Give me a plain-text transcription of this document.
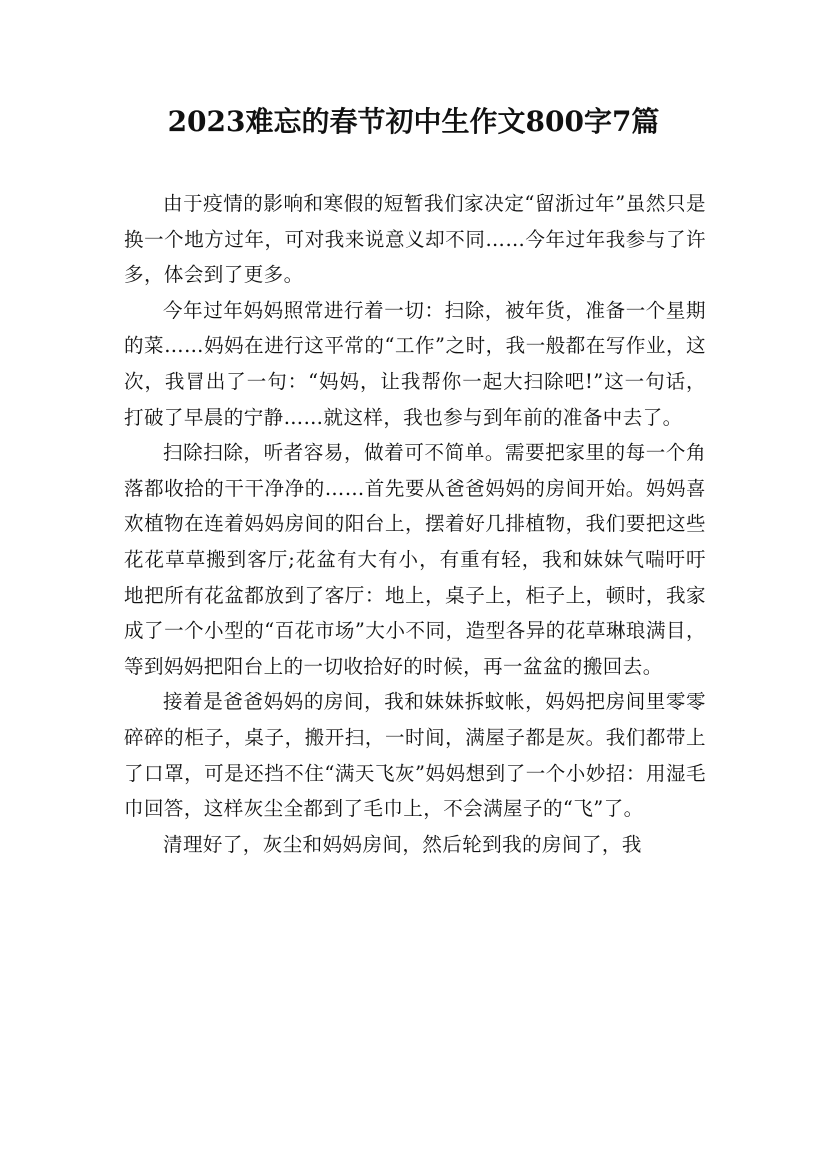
2023难忘的春节初中生作文800字7篇

由于疫情的影响和寒假的短暂我们家决定“留浙过年”虽然只是换一个地方过年，可对我来说意义却不同……今年过年我参与了许多，体会到了更多。

今年过年妈妈照常进行着一切：扫除，被年货，准备一个星期的菜……妈妈在进行这平常的“工作”之时，我一般都在写作业，这次，我冒出了一句：“妈妈，让我帮你一起大扫除吧!”这一句话，打破了早晨的宁静……就这样，我也参与到年前的准备中去了。

扫除扫除，听者容易，做着可不简单。需要把家里的每一个角落都收拾的干干净净的……首先要从爸爸妈妈的房间开始。妈妈喜欢植物在连着妈妈房间的阳台上，摆着好几排植物，我们要把这些花花草草搬到客厅;花盆有大有小，有重有轻，我和妹妹气喘吁吁地把所有花盆都放到了客厅：地上，桌子上，柜子上，顿时，我家成了一个小型的“百花市场”大小不同，造型各异的花草琳琅满目，等到妈妈把阳台上的一切收拾好的时候，再一盆盆的搬回去。

接着是爸爸妈妈的房间，我和妹妹拆蚊帐，妈妈把房间里零零碎碎的柜子，桌子，搬开扫，一时间，满屋子都是灰。我们都带上了口罩，可是还挡不住“满天飞灰”妈妈想到了一个小妙招：用湿毛巾回答，这样灰尘全都到了毛巾上，不会满屋子的“飞”了。

清理好了，灰尘和妈妈房间，然后轮到我的房间了，我
